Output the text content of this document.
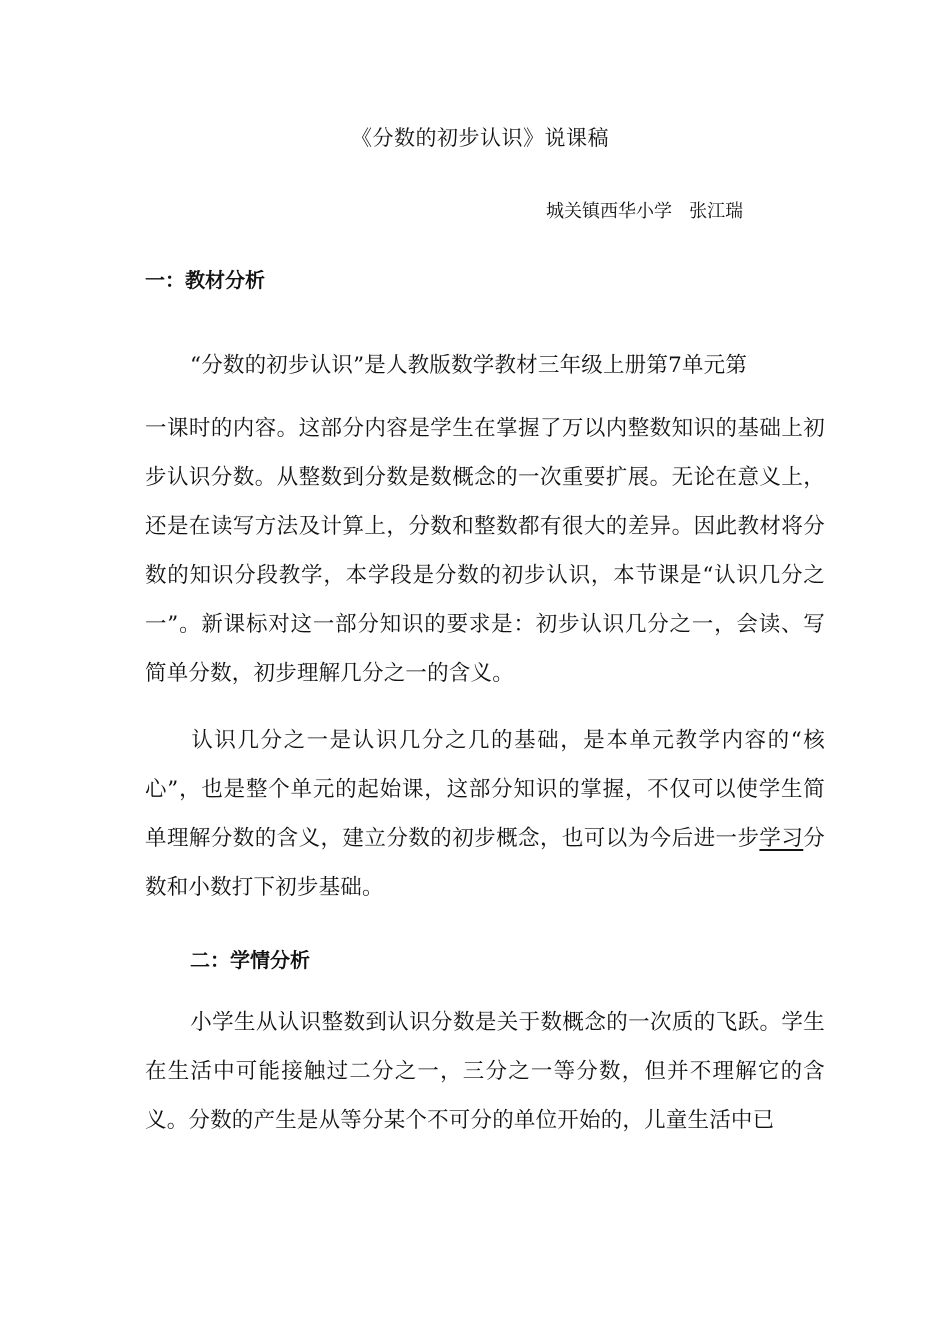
《分数的初步认识》说课稿
城关镇西华小学   张江瑞
一：教材分析
“分数的初步认识”是人教版数学教材三年级上册第7单元第
一课时的内容。这部分内容是学生在掌握了万以内整数知识的基础上初步认识分数。从整数到分数是数概念的一次重要扩展。无论在意义上，还是在读写方法及计算上，分数和整数都有很大的差异。因此教材将分数的知识分段教学，本学段是分数的初步认识，本节课是“认识几分之一”。新课标对这一部分知识的要求是：初步认识几分之一，会读、写简单分数，初步理解几分之一的含义。
认识几分之一是认识几分之几的基础，是本单元教学内容的“核心”，也是整个单元的起始课，这部分知识的掌握，不仅可以使学生简单理解分数的含义，建立分数的初步概念，也可以为今后进一步学习分数和小数打下初步基础。
二：学情分析
小学生从认识整数到认识分数是关于数概念的一次质的飞跃。学生在生活中可能接触过二分之一，三分之一等分数，但并不理解它的含义。分数的产生是从等分某个不可分的单位开始的，儿童生活中已
